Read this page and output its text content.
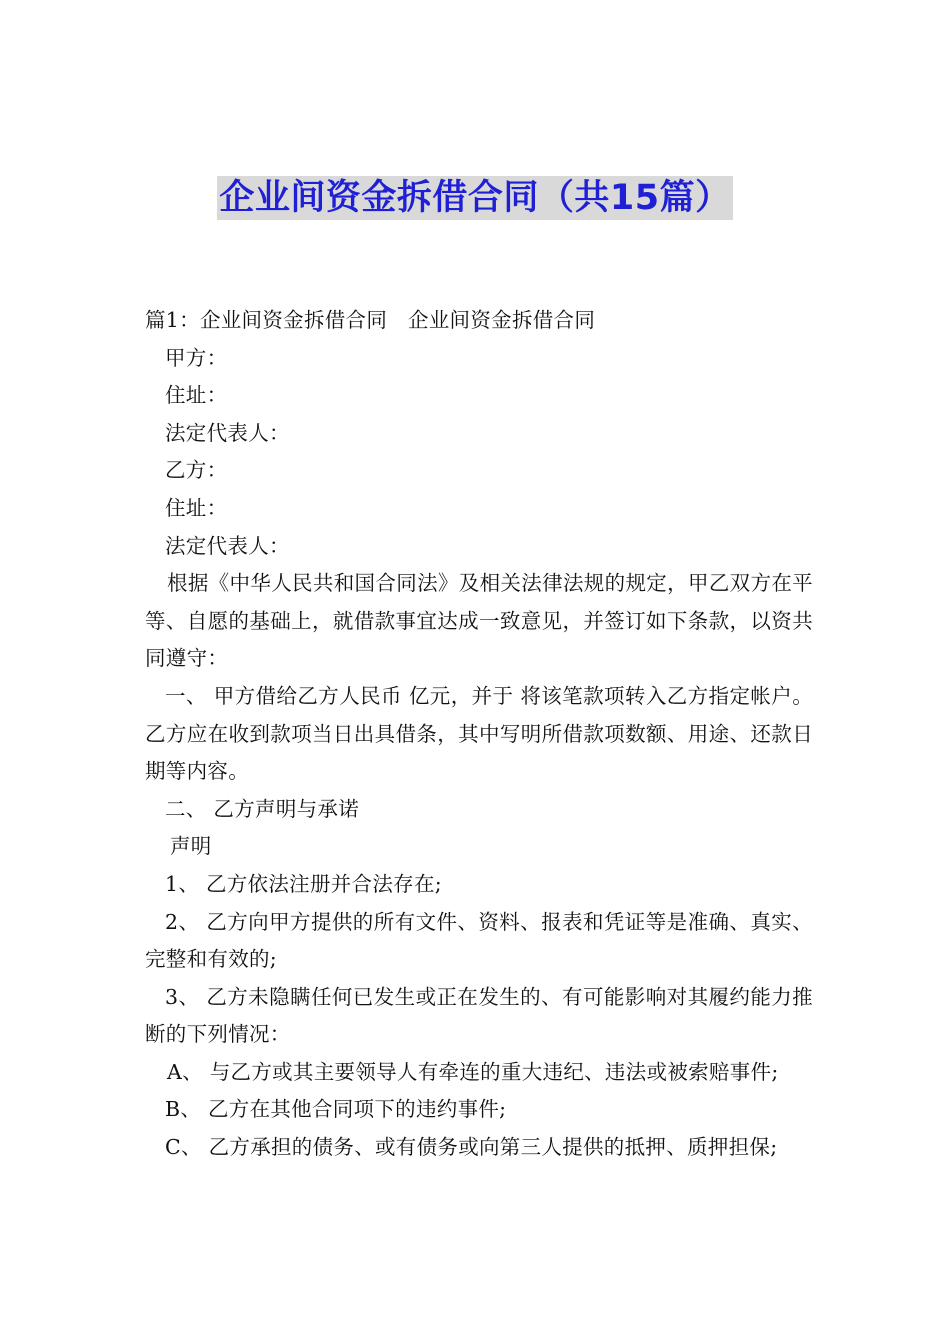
企业间资金拆借合同（共15篇）

篇1：企业间资金拆借合同　企业间资金拆借合同

甲方：

住址：

法定代表人：

乙方：

住址：

法定代表人：

根据《中华人民共和国合同法》及相关法律法规的规定，甲乙双方在平等、自愿的基础上，就借款事宜达成一致意见，并签订如下条款，以资共同遵守：

一、 甲方借给乙方人民币 亿元，并于 将该笔款项转入乙方指定帐户。乙方应在收到款项当日出具借条，其中写明所借款项数额、用途、还款日期等内容。

二、 乙方声明与承诺

声明

1、 乙方依法注册并合法存在;

2、 乙方向甲方提供的所有文件、资料、报表和凭证等是准确、真实、完整和有效的;

3、 乙方未隐瞒任何已发生或正在发生的、有可能影响对其履约能力推断的下列情况：

A、 与乙方或其主要领导人有牵连的重大违纪、违法或被索赔事件;

B、 乙方在其他合同项下的违约事件;

C、 乙方承担的债务、或有债务或向第三人提供的抵押、质押担保;
